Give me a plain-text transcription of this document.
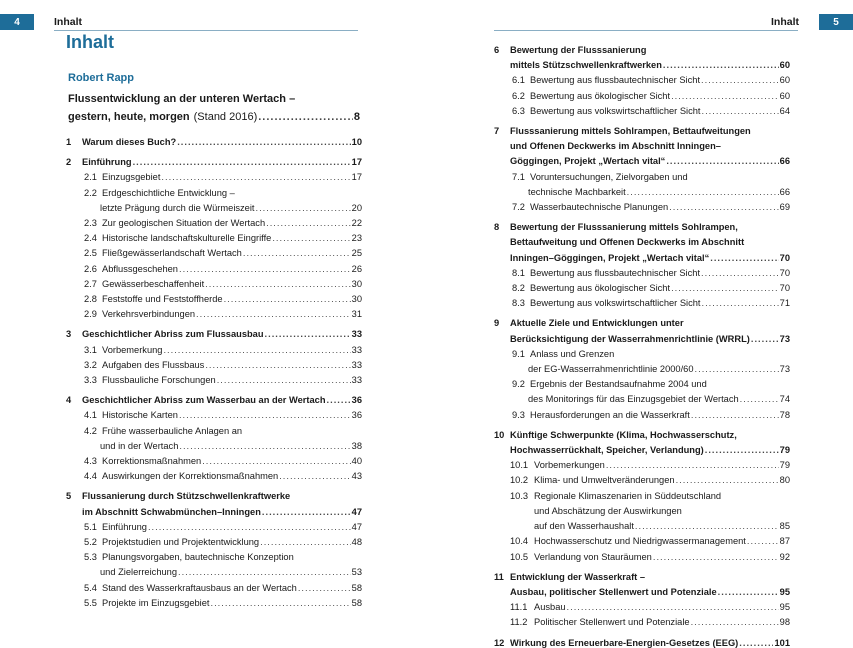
4	Inhalt
Inhalt
Robert Rapp
Flussentwicklung an der unteren Wertach –
gestern, heute, morgen (Stand 2016) .....	8
1	Warum dieses Buch? .....	10
2	Einführung .....	17
2.1 Einzugsgebiet .....	17
2.2 Erdgeschichtliche Entwicklung –
letzte Prägung durch die Würmeiszeit .....	20
2.3 Zur geologischen Situation der Wertach .....	22
2.4 Historische landschaftskulturelle Eingriffe .....	23
2.5 Fließgewässerlandschaft Wertach .....	25
2.6 Abflussgeschehen .....	26
2.7 Gewässerbeschaffenheit .....	30
2.8 Feststoffe und Feststoffherde .....	30
2.9 Verkehrsverbindungen .....	31
3	Geschichtlicher Abriss zum Flussausbau .....	33
3.1 Vorbemerkung .....	33
3.2 Aufgaben des Flussbaus .....	33
3.3 Flussbauliche Forschungen .....	33
4	Geschichtlicher Abriss zum Wasserbau an der Wertach .....	36
4.1 Historische Karten .....	36
4.2 Frühe wasserbauliche Anlagen an
und in der Wertach .....	38
4.3 Korrektionsmaßnahmen .....	40
4.4 Auswirkungen der Korrektionsmaßnahmen .....	43
5	Flussanierung durch Stützschwellenkraftwerke
im Abschnitt Schwabmünchen–Inningen .....	47
5.1 Einführung .....	47
5.2 Projektstudien und Projektentwicklung .....	48
5.3 Planungsvorgaben, bautechnische Konzeption
und Zielerreichung .....	53
5.4 Stand des Wasserkraftausbaus an der Wertach .....	58
5.5 Projekte im Einzugsgebiet .....	58
5
Inhalt
6	Bewertung der Flusssanierung
mittels Stützschwellenkraftwerken .....	60
6.1 Bewertung aus flussbautechnischer Sicht .....	60
6.2 Bewertung aus ökologischer Sicht .....	60
6.3 Bewertung aus volkswirtschaftlicher Sicht .....	64
7	Flusssanierung mittels Sohlrampen, Bettaufweitungen
und Offenen Deckwerks im Abschnitt Inningen–
Göggingen, Projekt „Wertach vital“ .....	66
7.1 Voruntersuchungen, Zielvorgaben und
technische Machbarkeit .....	66
7.2 Wasserbautechnische Planungen .....	69
8	Bewertung der Flusssanierung mittels Sohlrampen,
Bettaufweitung und Offenen Deckwerks im Abschnitt
Inningen–Göggingen, Projekt „Wertach vital“ .....	70
8.1 Bewertung aus flussbautechnischer Sicht .....	70
8.2 Bewertung aus ökologischer Sicht .....	70
8.3 Bewertung aus volkswirtschaftlicher Sicht .....	71
9	Aktuelle Ziele und Entwicklungen unter
Berücksichtigung der Wasserrahmenrichtlinie (WRRL) .....	73
9.1 Anlass und Grenzen
der EG-Wasserrahmenrichtlinie 2000/60 .....	73
9.2 Ergebnis der Bestandsaufnahme 2004 und
des Monitorings für das Einzugsgebiet der Wertach .....	74
9.3 Herausforderungen an die Wasserkraft .....	78
10 Künftige Schwerpunkte (Klima, Hochwasserschutz,
Hochwasserrückhalt, Speicher, Verlandung) .....	79
10.1 Vorbemerkungen .....	79
10.2 Klima- und Umweltveränderungen .....	80
10.3 Regionale Klimaszenarien in Süddeutschland
und Abschätzung der Auswirkungen
auf den Wasserhaushalt .....	85
10.4 Hochwasserschutz und Niedrigwassermanagement .....	87
10.5 Verlandung von Stauräumen .....	92
11 Entwicklung der Wasserkraft –
Ausbau, politischer Stellenwert und Potenziale .....	95
11.1 Ausbau .....	95
11.2 Politischer Stellenwert und Potenziale .....	98
12 Wirkung des Erneuerbare-Energien-Gesetzes (EEG) .....	101
